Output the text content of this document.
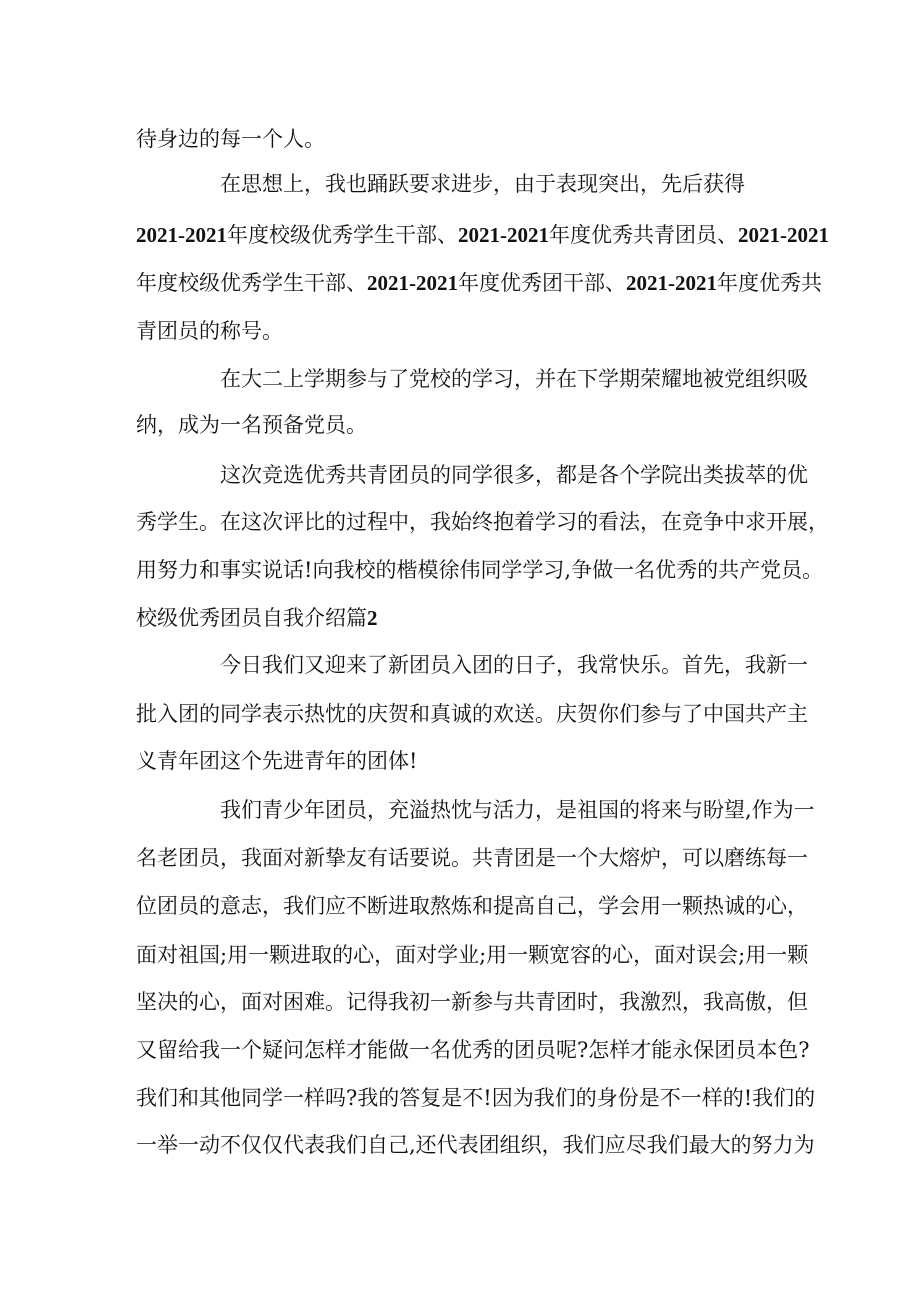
待身边的每一个人。
在思想上，我也踊跃要求进步，由于表现突出，先后获得
2021-2021年度校级优秀学生干部、2021-2021年度优秀共青团员、2021-2021
年度校级优秀学生干部、2021-2021年度优秀团干部、2021-2021年度优秀共
青团员的称号。
在大二上学期参与了党校的学习，并在下学期荣耀地被党组织吸
纳，成为一名预备党员。
这次竞选优秀共青团员的同学很多，都是各个学院出类拔萃的优
秀学生。在这次评比的过程中，我始终抱着学习的看法，在竞争中求开展，
用努力和事实说话!向我校的楷模徐伟同学学习,争做一名优秀的共产党员。
校级优秀团员自我介绍篇2
今日我们又迎来了新团员入团的日子，我常快乐。首先，我新一
批入团的同学表示热忱的庆贺和真诚的欢送。庆贺你们参与了中国共产主
义青年团这个先进青年的团体!
我们青少年团员，充溢热忱与活力，是祖国的将来与盼望,作为一
名老团员，我面对新挚友有话要说。共青团是一个大熔炉，可以磨练每一
位团员的意志，我们应不断进取熬炼和提高自己，学会用一颗热诚的心，
面对祖国;用一颗进取的心，面对学业;用一颗宽容的心，面对误会;用一颗
坚决的心，面对困难。记得我初一新参与共青团时，我激烈，我高傲，但
又留给我一个疑问怎样才能做一名优秀的团员呢?怎样才能永保团员本色?
我们和其他同学一样吗?我的答复是不!因为我们的身份是不一样的!我们的
一举一动不仅仅代表我们自己,还代表团组织，我们应尽我们最大的努力为
